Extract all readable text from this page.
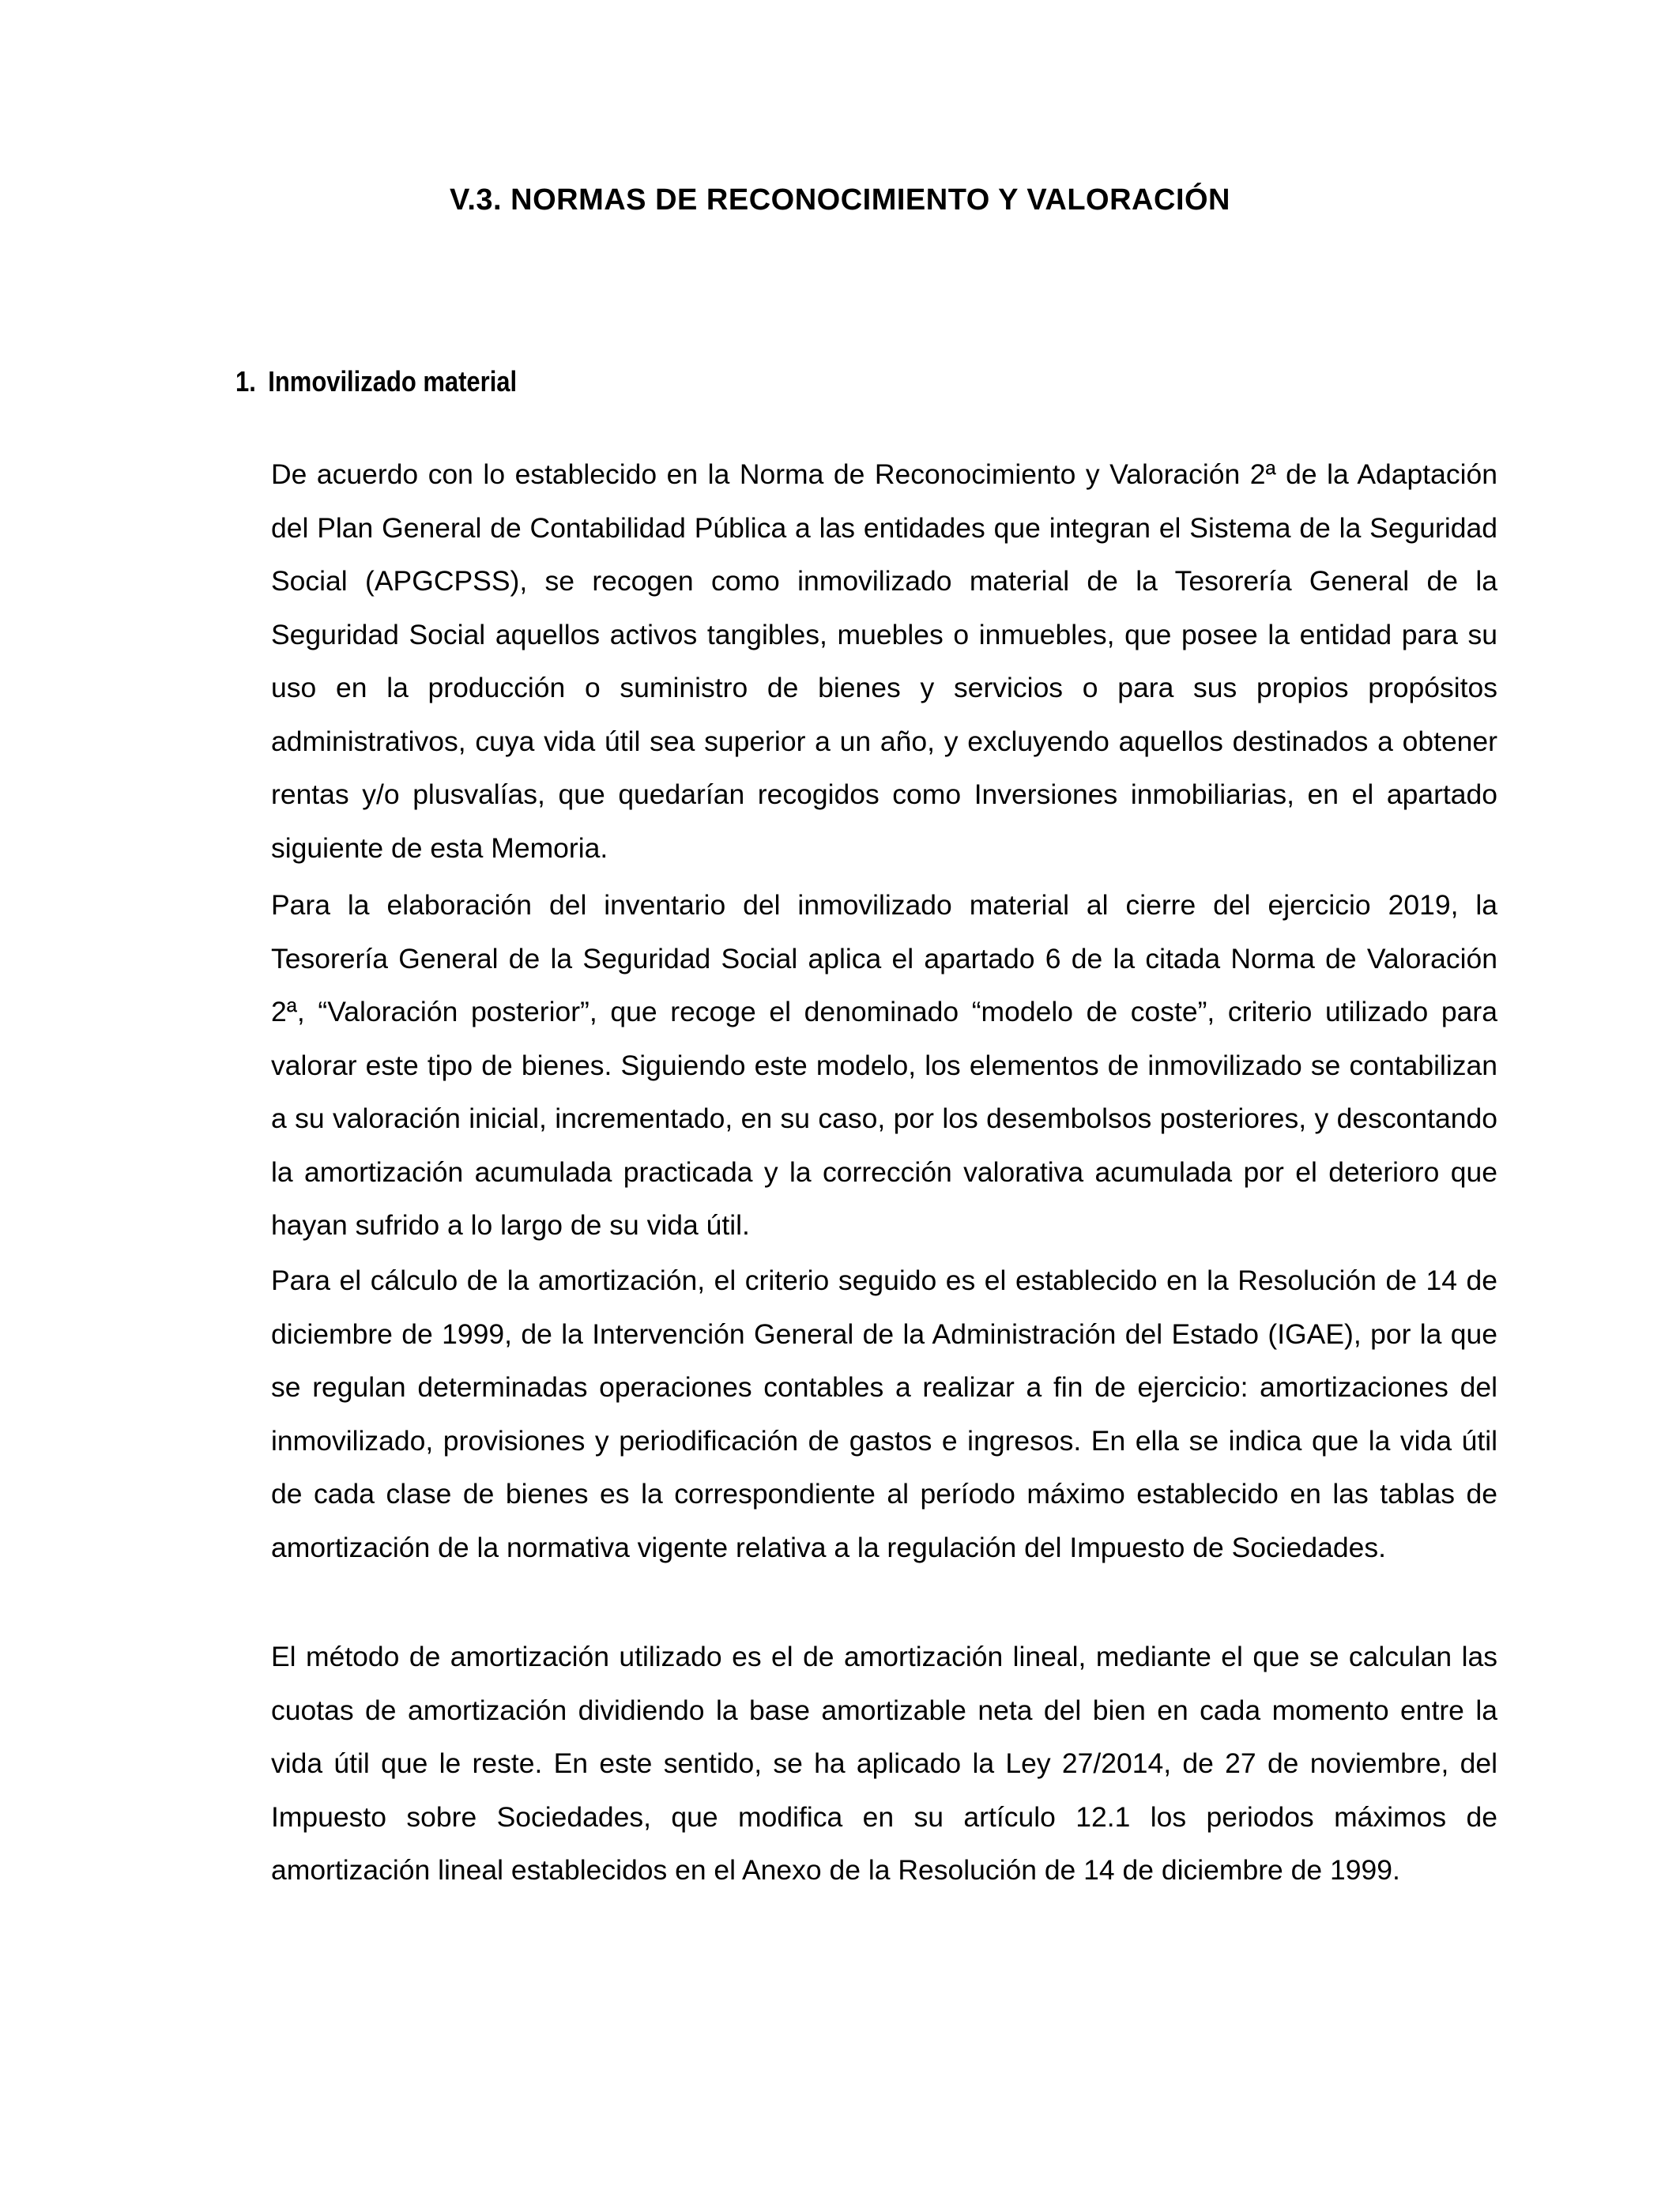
V.3. NORMAS DE RECONOCIMIENTO Y VALORACIÓN
1. Inmovilizado material

De acuerdo con lo establecido en la Norma de Reconocimiento y Valoración 2ª de la Adaptación del Plan General de Contabilidad Pública a las entidades que integran el Sistema de la Seguridad Social (APGCPSS), se recogen como inmovilizado material de la Tesorería General de la Seguridad Social aquellos activos tangibles, muebles o inmuebles, que posee la entidad para su uso en la producción o suministro de bienes y servicios o para sus propios propósitos administrativos, cuya vida útil sea superior a un año, y excluyendo aquellos destinados a obtener rentas y/o plusvalías, que quedarían recogidos como Inversiones inmobiliarias, en el apartado siguiente de esta Memoria.

Para la elaboración del inventario del inmovilizado material al cierre del ejercicio 2019, la Tesorería General de la Seguridad Social aplica el apartado 6 de la citada Norma de Valoración 2ª, “Valoración posterior”, que recoge el denominado “modelo de coste”, criterio utilizado para valorar este tipo de bienes. Siguiendo este modelo, los elementos de inmovilizado se contabilizan a su valoración inicial, incrementado, en su caso, por los desembolsos posteriores, y descontando la amortización acumulada practicada y la corrección valorativa acumulada por el deterioro que hayan sufrido a lo largo de su vida útil.

Para el cálculo de la amortización, el criterio seguido es el establecido en la Resolución de 14 de diciembre de 1999, de la Intervención General de la Administración del Estado (IGAE), por la que se regulan determinadas operaciones contables a realizar a fin de ejercicio: amortizaciones del inmovilizado, provisiones y periodificación de gastos e ingresos. En ella se indica que la vida útil de cada clase de bienes es la correspondiente al período máximo establecido en las tablas de amortización de la normativa vigente relativa a la regulación del Impuesto de Sociedades.

El método de amortización utilizado es el de amortización lineal, mediante el que se calculan las cuotas de amortización dividiendo la base amortizable neta del bien en cada momento entre la vida útil que le reste. En este sentido, se ha aplicado la Ley 27/2014, de 27 de noviembre, del Impuesto sobre Sociedades, que modifica en su artículo 12.1 los periodos máximos de amortización lineal establecidos en el Anexo de la Resolución de 14 de diciembre de 1999.
